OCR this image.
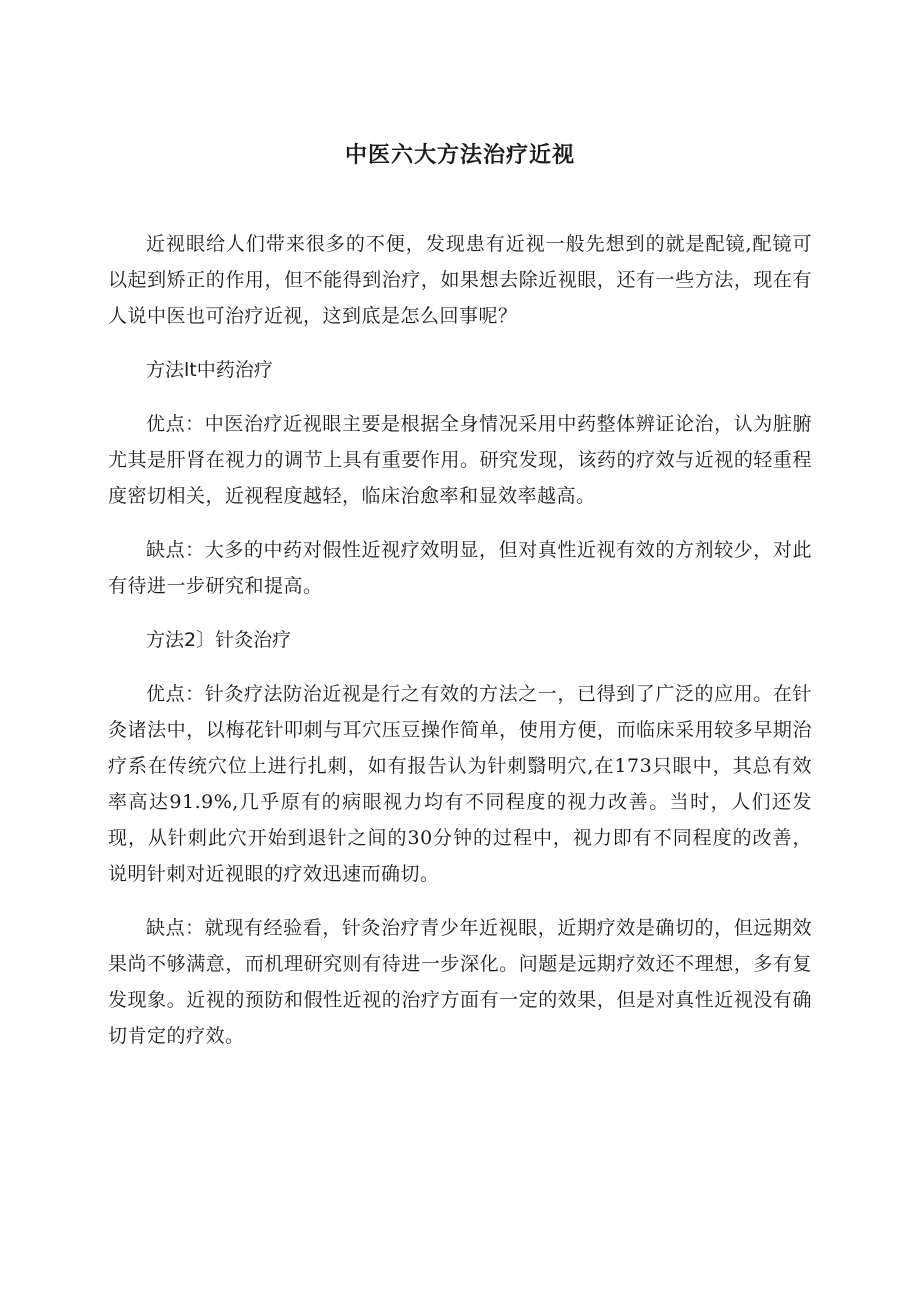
中医六大方法治疗近视

近视眼给人们带来很多的不便，发现患有近视一般先想到的就是配镜,配镜可以起到矫正的作用，但不能得到治疗，如果想去除近视眼，还有一些方法，现在有人说中医也可治疗近视，这到底是怎么回事呢？

方法lt中药治疗

优点：中医治疗近视眼主要是根据全身情况采用中药整体辨证论治，认为脏腑尤其是肝肾在视力的调节上具有重要作用。研究发现，该药的疗效与近视的轻重程度密切相关，近视程度越轻，临床治愈率和显效率越高。

缺点：大多的中药对假性近视疗效明显，但对真性近视有效的方剂较少，对此有待进一步研究和提高。

方法2〕针灸治疗

优点：针灸疗法防治近视是行之有效的方法之一，已得到了广泛的应用。在针灸诸法中，以梅花针叩刺与耳穴压豆操作简单，使用方便，而临床采用较多早期治疗系在传统穴位上进行扎刺，如有报告认为针刺翳明穴,在173只眼中，其总有效率高达91.9%,几乎原有的病眼视力均有不同程度的视力改善。当时，人们还发现，从针刺此穴开始到退针之间的30分钟的过程中，视力即有不同程度的改善，说明针刺对近视眼的疗效迅速而确切。

缺点：就现有经验看，针灸治疗青少年近视眼，近期疗效是确切的，但远期效果尚不够满意，而机理研究则有待进一步深化。问题是远期疗效还不理想，多有复发现象。近视的预防和假性近视的治疗方面有一定的效果，但是对真性近视没有确切肯定的疗效。
